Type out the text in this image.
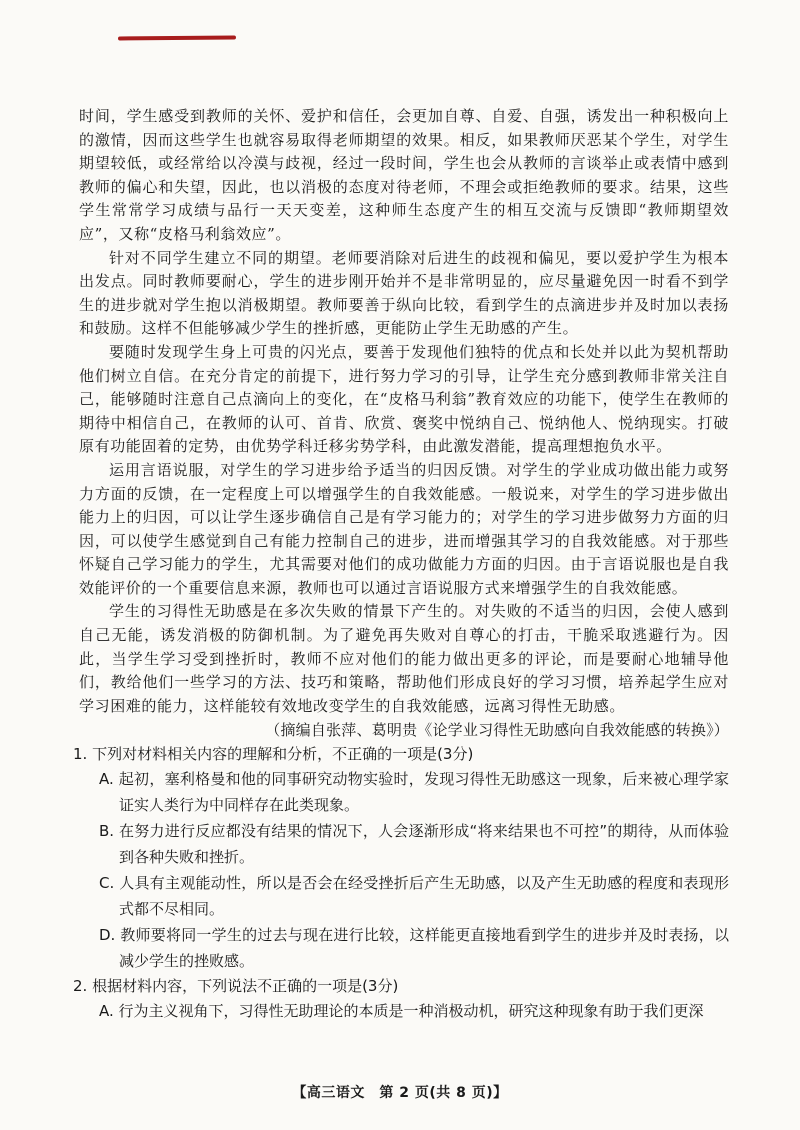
时间，学生感受到教师的关怀、爱护和信任，会更加自尊、自爱、自强，诱发出一种积极向上的激情，因而这些学生也就容易取得老师期望的效果。相反，如果教师厌恶某个学生，对学生期望较低，或经常给以冷漠与歧视，经过一段时间，学生也会从教师的言谈举止或表情中感到教师的偏心和失望，因此，也以消极的态度对待老师，不理会或拒绝教师的要求。结果，这些学生常常学习成绩与品行一天天变差，这种师生态度产生的相互交流与反馈即“教师期望效应”，又称“皮格马利翁效应”。

针对不同学生建立不同的期望。老师要消除对后进生的歧视和偏见，要以爱护学生为根本出发点。同时教师要耐心，学生的进步刚开始并不是非常明显的，应尽量避免因一时看不到学生的进步就对学生抱以消极期望。教师要善于纵向比较，看到学生的点滴进步并及时加以表扬和鼓励。这样不但能够减少学生的挫折感，更能防止学生无助感的产生。

要随时发现学生身上可贵的闪光点，要善于发现他们独特的优点和长处并以此为契机帮助他们树立自信。在充分肯定的前提下，进行努力学习的引导，让学生充分感到教师非常关注自己，能够随时注意自己点滴向上的变化，在“皮格马利翁”教育效应的功能下，使学生在教师的期待中相信自己，在教师的认可、首肯、欣赏、褒奖中悦纳自己、悦纳他人、悦纳现实。打破原有功能固着的定势，由优势学科迁移劣势学科，由此激发潜能，提高理想抱负水平。

运用言语说服，对学生的学习进步给予适当的归因反馈。对学生的学业成功做出能力或努力方面的反馈，在一定程度上可以增强学生的自我效能感。一般说来，对学生的学习进步做出能力上的归因，可以让学生逐步确信自己是有学习能力的；对学生的学习进步做努力方面的归因，可以使学生感觉到自己有能力控制自己的进步，进而增强其学习的自我效能感。对于那些怀疑自己学习能力的学生，尤其需要对他们的成功做能力方面的归因。由于言语说服也是自我效能评价的一个重要信息来源，教师也可以通过言语说服方式来增强学生的自我效能感。

学生的习得性无助感是在多次失败的情景下产生的。对失败的不适当的归因，会使人感到自己无能，诱发消极的防御机制。为了避免再失败对自尊心的打击，干脆采取逃避行为。因此，当学生学习受到挫折时，教师不应对他们的能力做出更多的评论，而是要耐心地辅导他们，教给他们一些学习的方法、技巧和策略，帮助他们形成良好的学习习惯，培养起学生应对学习困难的能力，这样能较有效地改变学生的自我效能感，远离习得性无助感。

（摘编自张萍、葛明贵《论学业习得性无助感向自我效能感的转换》）

1. 下列对材料相关内容的理解和分析，不正确的一项是(3分)

A. 起初，塞利格曼和他的同事研究动物实验时，发现习得性无助感这一现象，后来被心理学家证实人类行为中同样存在此类现象。

B. 在努力进行反应都没有结果的情况下，人会逐渐形成“将来结果也不可控”的期待，从而体验到各种失败和挫折。

C. 人具有主观能动性，所以是否会在经受挫折后产生无助感，以及产生无助感的程度和表现形式都不尽相同。

D. 教师要将同一学生的过去与现在进行比较，这样能更直接地看到学生的进步并及时表扬，以减少学生的挫败感。

2. 根据材料内容，下列说法不正确的一项是(3分)

A. 行为主义视角下，习得性无助理论的本质是一种消极动机，研究这种现象有助于我们更深

【高三语文　第 2 页(共 8 页)】
